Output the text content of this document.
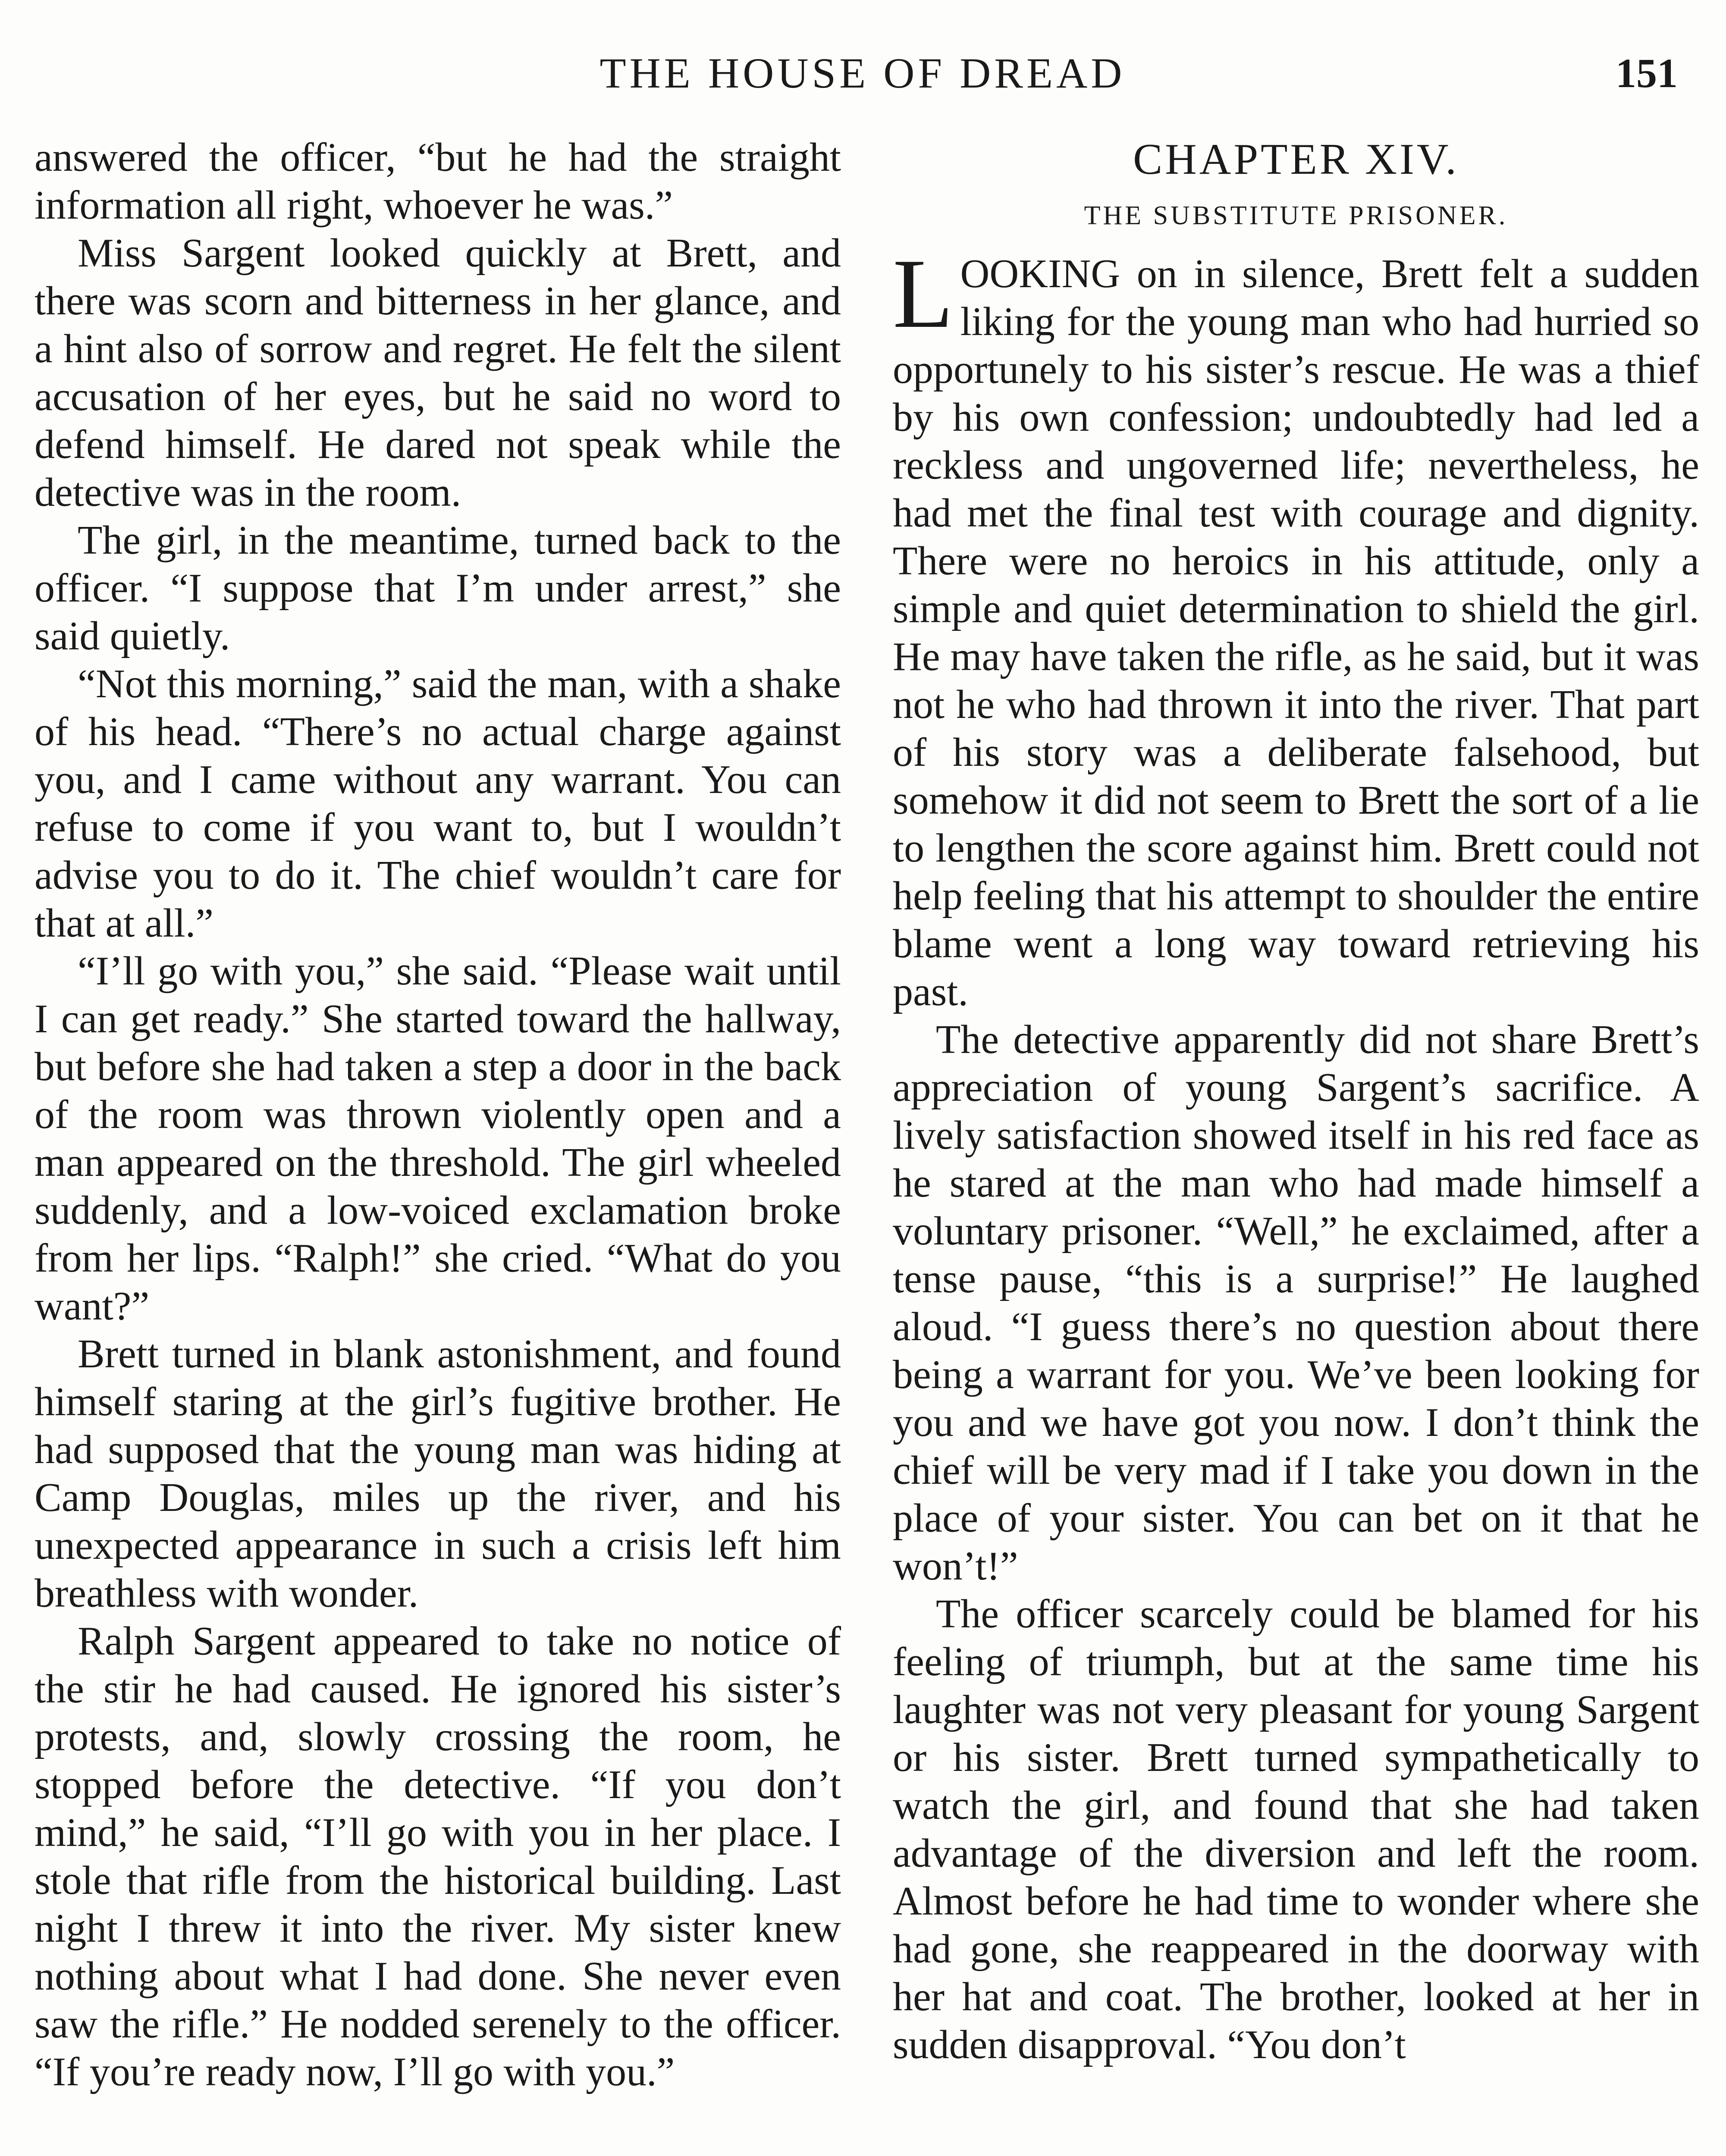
THE HOUSE OF DREAD	151

answered the officer, “but he had the straight information all right, whoever he was.”

Miss Sargent looked quickly at Brett, and there was scorn and bitterness in her glance, and a hint also of sorrow and regret. He felt the silent accusation of her eyes, but he said no word to defend himself. He dared not speak while the detective was in the room.

The girl, in the meantime, turned back to the officer. “I suppose that I’m under arrest,” she said quietly.

“Not this morning,” said the man, with a shake of his head. “There’s no actual charge against you, and I came without any warrant. You can refuse to come if you want to, but I wouldn’t advise you to do it. The chief wouldn’t care for that at all.”

“I’ll go with you,” she said. “Please wait until I can get ready.” She started toward the hallway, but before she had taken a step a door in the back of the room was thrown violently open and a man appeared on the threshold. The girl wheeled suddenly, and a low-voiced exclamation broke from her lips. “Ralph!” she cried. “What do you want?”

Brett turned in blank astonishment, and found himself staring at the girl’s fugitive brother. He had supposed that the young man was hiding at Camp Douglas, miles up the river, and his unexpected appearance in such a crisis left him breathless with wonder.

Ralph Sargent appeared to take no notice of the stir he had caused. He ignored his sister’s protests, and, slowly crossing the room, he stopped before the detective. “If you don’t mind,” he said, “I’ll go with you in her place. I stole that rifle from the historical building. Last night I threw it into the river. My sister knew nothing about what I had done. She never even saw the rifle.” He nodded serenely to the officer. “If you’re ready now, I’ll go with you.”

CHAPTER XIV.
THE SUBSTITUTE PRISONER.

LOOKING on in silence, Brett felt a sudden liking for the young man who had hurried so opportunely to his sister’s rescue. He was a thief by his own confession; undoubtedly had led a reckless and ungoverned life; nevertheless, he had met the final test with courage and dignity. There were no heroics in his attitude, only a simple and quiet determination to shield the girl. He may have taken the rifle, as he said, but it was not he who had thrown it into the river. That part of his story was a deliberate falsehood, but somehow it did not seem to Brett the sort of a lie to lengthen the score against him. Brett could not help feeling that his attempt to shoulder the entire blame went a long way toward retrieving his past.

The detective apparently did not share Brett’s appreciation of young Sargent’s sacrifice. A lively satisfaction showed itself in his red face as he stared at the man who had made himself a voluntary prisoner. “Well,” he exclaimed, after a tense pause, “this is a surprise!” He laughed aloud. “I guess there’s no question about there being a warrant for you. We’ve been looking for you and we have got you now. I don’t think the chief will be very mad if I take you down in the place of your sister. You can bet on it that he won’t!”

The officer scarcely could be blamed for his feeling of triumph, but at the same time his laughter was not very pleasant for young Sargent or his sister. Brett turned sympathetically to watch the girl, and found that she had taken advantage of the diversion and left the room. Almost before he had time to wonder where she had gone, she reappeared in the doorway with her hat and coat. The brother, looked at her in sudden disapproval. “You don’t
